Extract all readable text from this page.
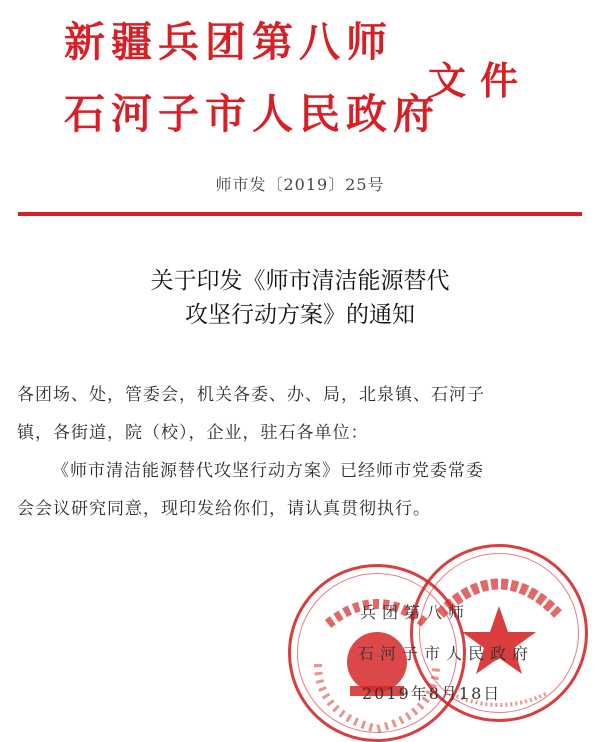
新疆兵团第八师
石河子市人民政府
文件
师市发〔2019〕25号
关于印发《师市清洁能源替代
攻坚行动方案》的通知
各团场、处，管委会，机关各委、办、局，北泉镇、石河子
镇，各街道，院（校），企业，驻石各单位：
《师市清洁能源替代攻坚行动方案》已经师市党委常委
会会议研究同意，现印发给你们，请认真贯彻执行。
兵团第八师
石河子市人民政府
2019年8月18日
